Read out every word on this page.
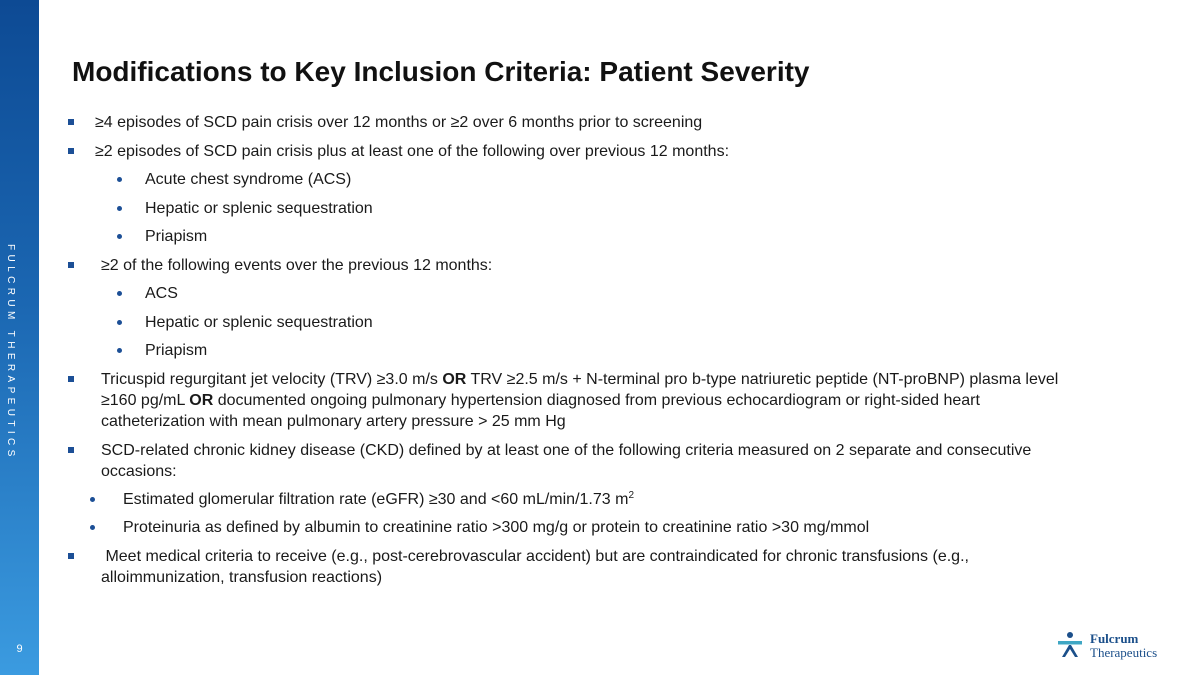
FULCRUM THERAPEUTICS
9
Modifications to Key Inclusion Criteria: Patient Severity
≥4 episodes of SCD pain crisis over 12 months or ≥2 over 6 months prior to screening
≥2 episodes of SCD pain crisis plus at least one of the following over previous 12 months:
Acute chest syndrome (ACS)
Hepatic or splenic sequestration
Priapism
≥2 of the following events over the previous 12 months:
ACS
Hepatic or splenic sequestration
Priapism
Tricuspid regurgitant jet velocity (TRV) ≥3.0 m/s OR TRV ≥2.5 m/s + N-terminal pro b-type natriuretic peptide (NT-proBNP) plasma level
≥160 pg/mL OR documented ongoing pulmonary hypertension diagnosed from previous echocardiogram or right-sided heart
catheterization with mean pulmonary artery pressure > 25 mm Hg
SCD-related chronic kidney disease (CKD) defined by at least one of the following criteria measured on 2 separate and consecutive
occasions:
Estimated glomerular filtration rate (eGFR) ≥30 and <60 mL/min/1.73 $m^2$
Proteinuria as defined by albumin to creatinine ratio >300 mg/g or protein to creatinine ratio >30 mg/mmol
Meet medical criteria to receive (e.g., post-cerebrovascular accident) but are contraindicated for chronic transfusions (e.g.,
alloimmunization, transfusion reactions)
Fulcrum
Therapeutics
